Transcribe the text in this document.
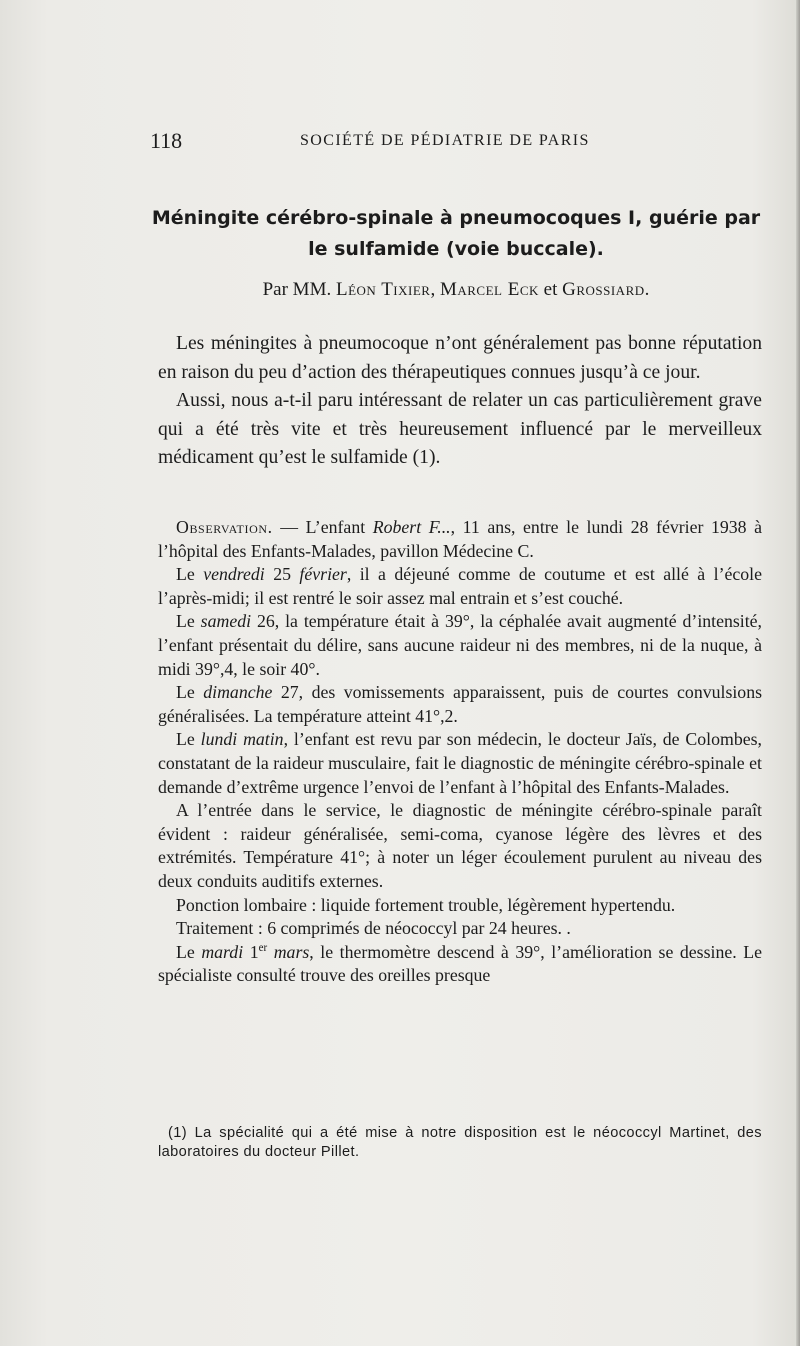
118	SOCIÉTÉ DE PÉDIATRIE DE PARIS
Méningite cérébro-spinale à pneumocoques I, guérie par
le sulfamide (voie buccale).
Par MM. Léon Tixier, Marcel Eck et Grossiard.

Les méningites à pneumocoque n’ont généralement pas bonne réputation en raison du peu d’action des thérapeutiques connues jusqu’à ce jour.

Aussi, nous a-t-il paru intéressant de relater un cas particulièrement grave qui a été très vite et très heureusement influencé par le merveilleux médicament qu’est le sulfamide (1).

Observation. — L’enfant Robert F..., 11 ans, entre le lundi 28 février 1938 à l’hôpital des Enfants-Malades, pavillon Médecine C.

Le vendredi 25 février, il a déjeuné comme de coutume et est allé à l’école l’après-midi; il est rentré le soir assez mal entrain et s’est couché.

Le samedi 26, la température était à 39°, la céphalée avait augmenté d’intensité, l’enfant présentait du délire, sans aucune raideur ni des membres, ni de la nuque, à midi 39°,4, le soir 40°.

Le dimanche 27, des vomissements apparaissent, puis de courtes convulsions généralisées. La température atteint 41°,2.

Le lundi matin, l’enfant est revu par son médecin, le docteur Jaïs, de Colombes, constatant de la raideur musculaire, fait le diagnostic de méningite cérébro-spinale et demande d’extrême urgence l’envoi de l’enfant à l’hôpital des Enfants-Malades.

A l’entrée dans le service, le diagnostic de méningite cérébro-spinale paraît évident : raideur généralisée, semi-coma, cyanose légère des lèvres et des extrémités. Température 41°; à noter un léger écoulement purulent au niveau des deux conduits auditifs externes.

Ponction lombaire : liquide fortement trouble, légèrement hypertendu.

Traitement : 6 comprimés de néococcyl par 24 heures. .

Le mardi 1er mars, le thermomètre descend à 39°, l’amélioration se dessine. Le spécialiste consulté trouve des oreilles presque

(1) La spécialité qui a été mise à notre disposition est le néococcyl Martinet, des laboratoires du docteur Pillet.
